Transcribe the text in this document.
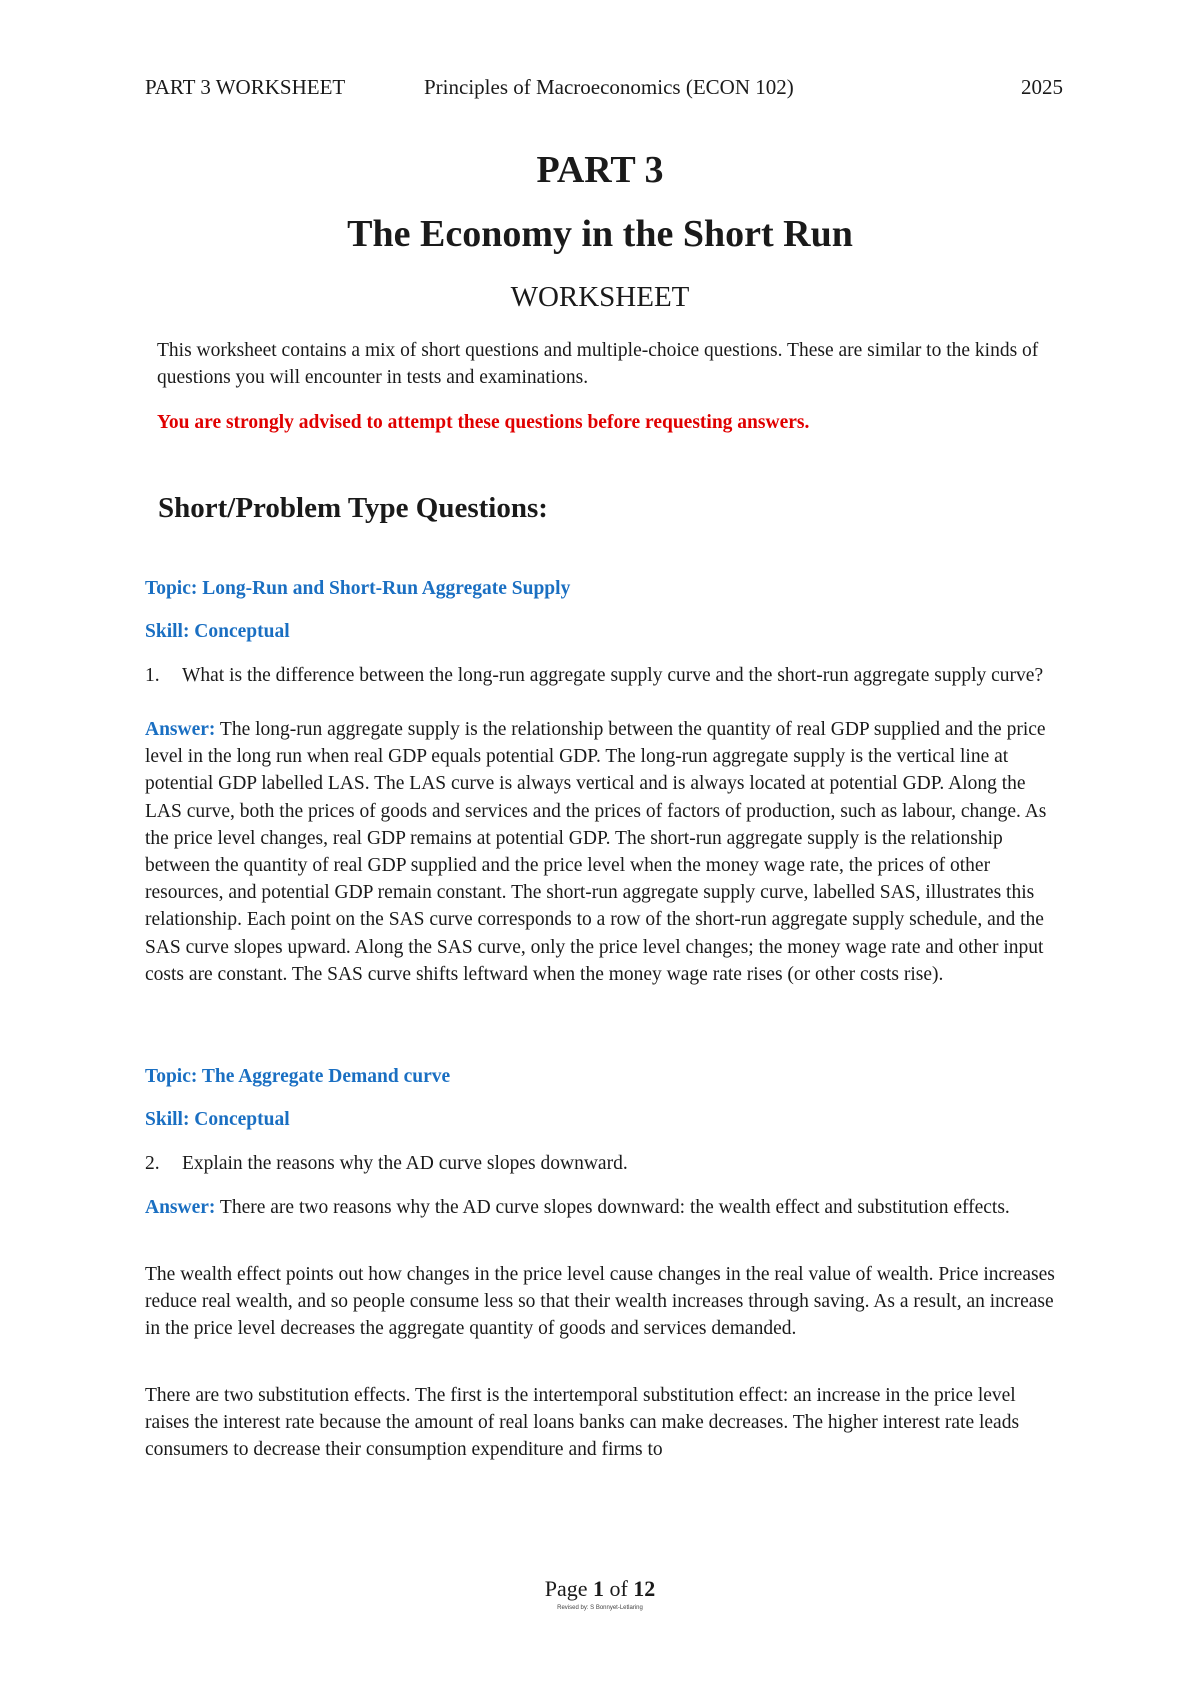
PART 3 WORKSHEET	Principles of Macroeconomics (ECON 102)	2025
PART 3
The Economy in the Short Run
WORKSHEET
This worksheet contains a mix of short questions and multiple-choice questions. These are similar to the kinds of questions you will encounter in tests and examinations.
You are strongly advised to attempt these questions before requesting answers.
Short/Problem Type Questions:
Topic: Long-Run and Short-Run Aggregate Supply
Skill: Conceptual
1. What is the difference between the long-run aggregate supply curve and the short-run aggregate supply curve?
Answer: The long-run aggregate supply is the relationship between the quantity of real GDP supplied and the price level in the long run when real GDP equals potential GDP. The long-run aggregate supply is the vertical line at potential GDP labelled LAS. The LAS curve is always vertical and is always located at potential GDP. Along the LAS curve, both the prices of goods and services and the prices of factors of production, such as labour, change. As the price level changes, real GDP remains at potential GDP. The short-run aggregate supply is the relationship between the quantity of real GDP supplied and the price level when the money wage rate, the prices of other resources, and potential GDP remain constant. The short-run aggregate supply curve, labelled SAS, illustrates this relationship. Each point on the SAS curve corresponds to a row of the short-run aggregate supply schedule, and the SAS curve slopes upward. Along the SAS curve, only the price level changes; the money wage rate and other input costs are constant. The SAS curve shifts leftward when the money wage rate rises (or other costs rise).
Topic: The Aggregate Demand curve
Skill: Conceptual
2. Explain the reasons why the AD curve slopes downward.
Answer: There are two reasons why the AD curve slopes downward: the wealth effect and substitution effects.
The wealth effect points out how changes in the price level cause changes in the real value of wealth. Price increases reduce real wealth, and so people consume less so that their wealth increases through saving. As a result, an increase in the price level decreases the aggregate quantity of goods and services demanded.
There are two substitution effects. The first is the intertemporal substitution effect: an increase in the price level raises the interest rate because the amount of real loans banks can make decreases. The higher interest rate leads consumers to decrease their consumption expenditure and firms to
Page 1 of 12
Revised by: S Bonnyet-Letlaring
